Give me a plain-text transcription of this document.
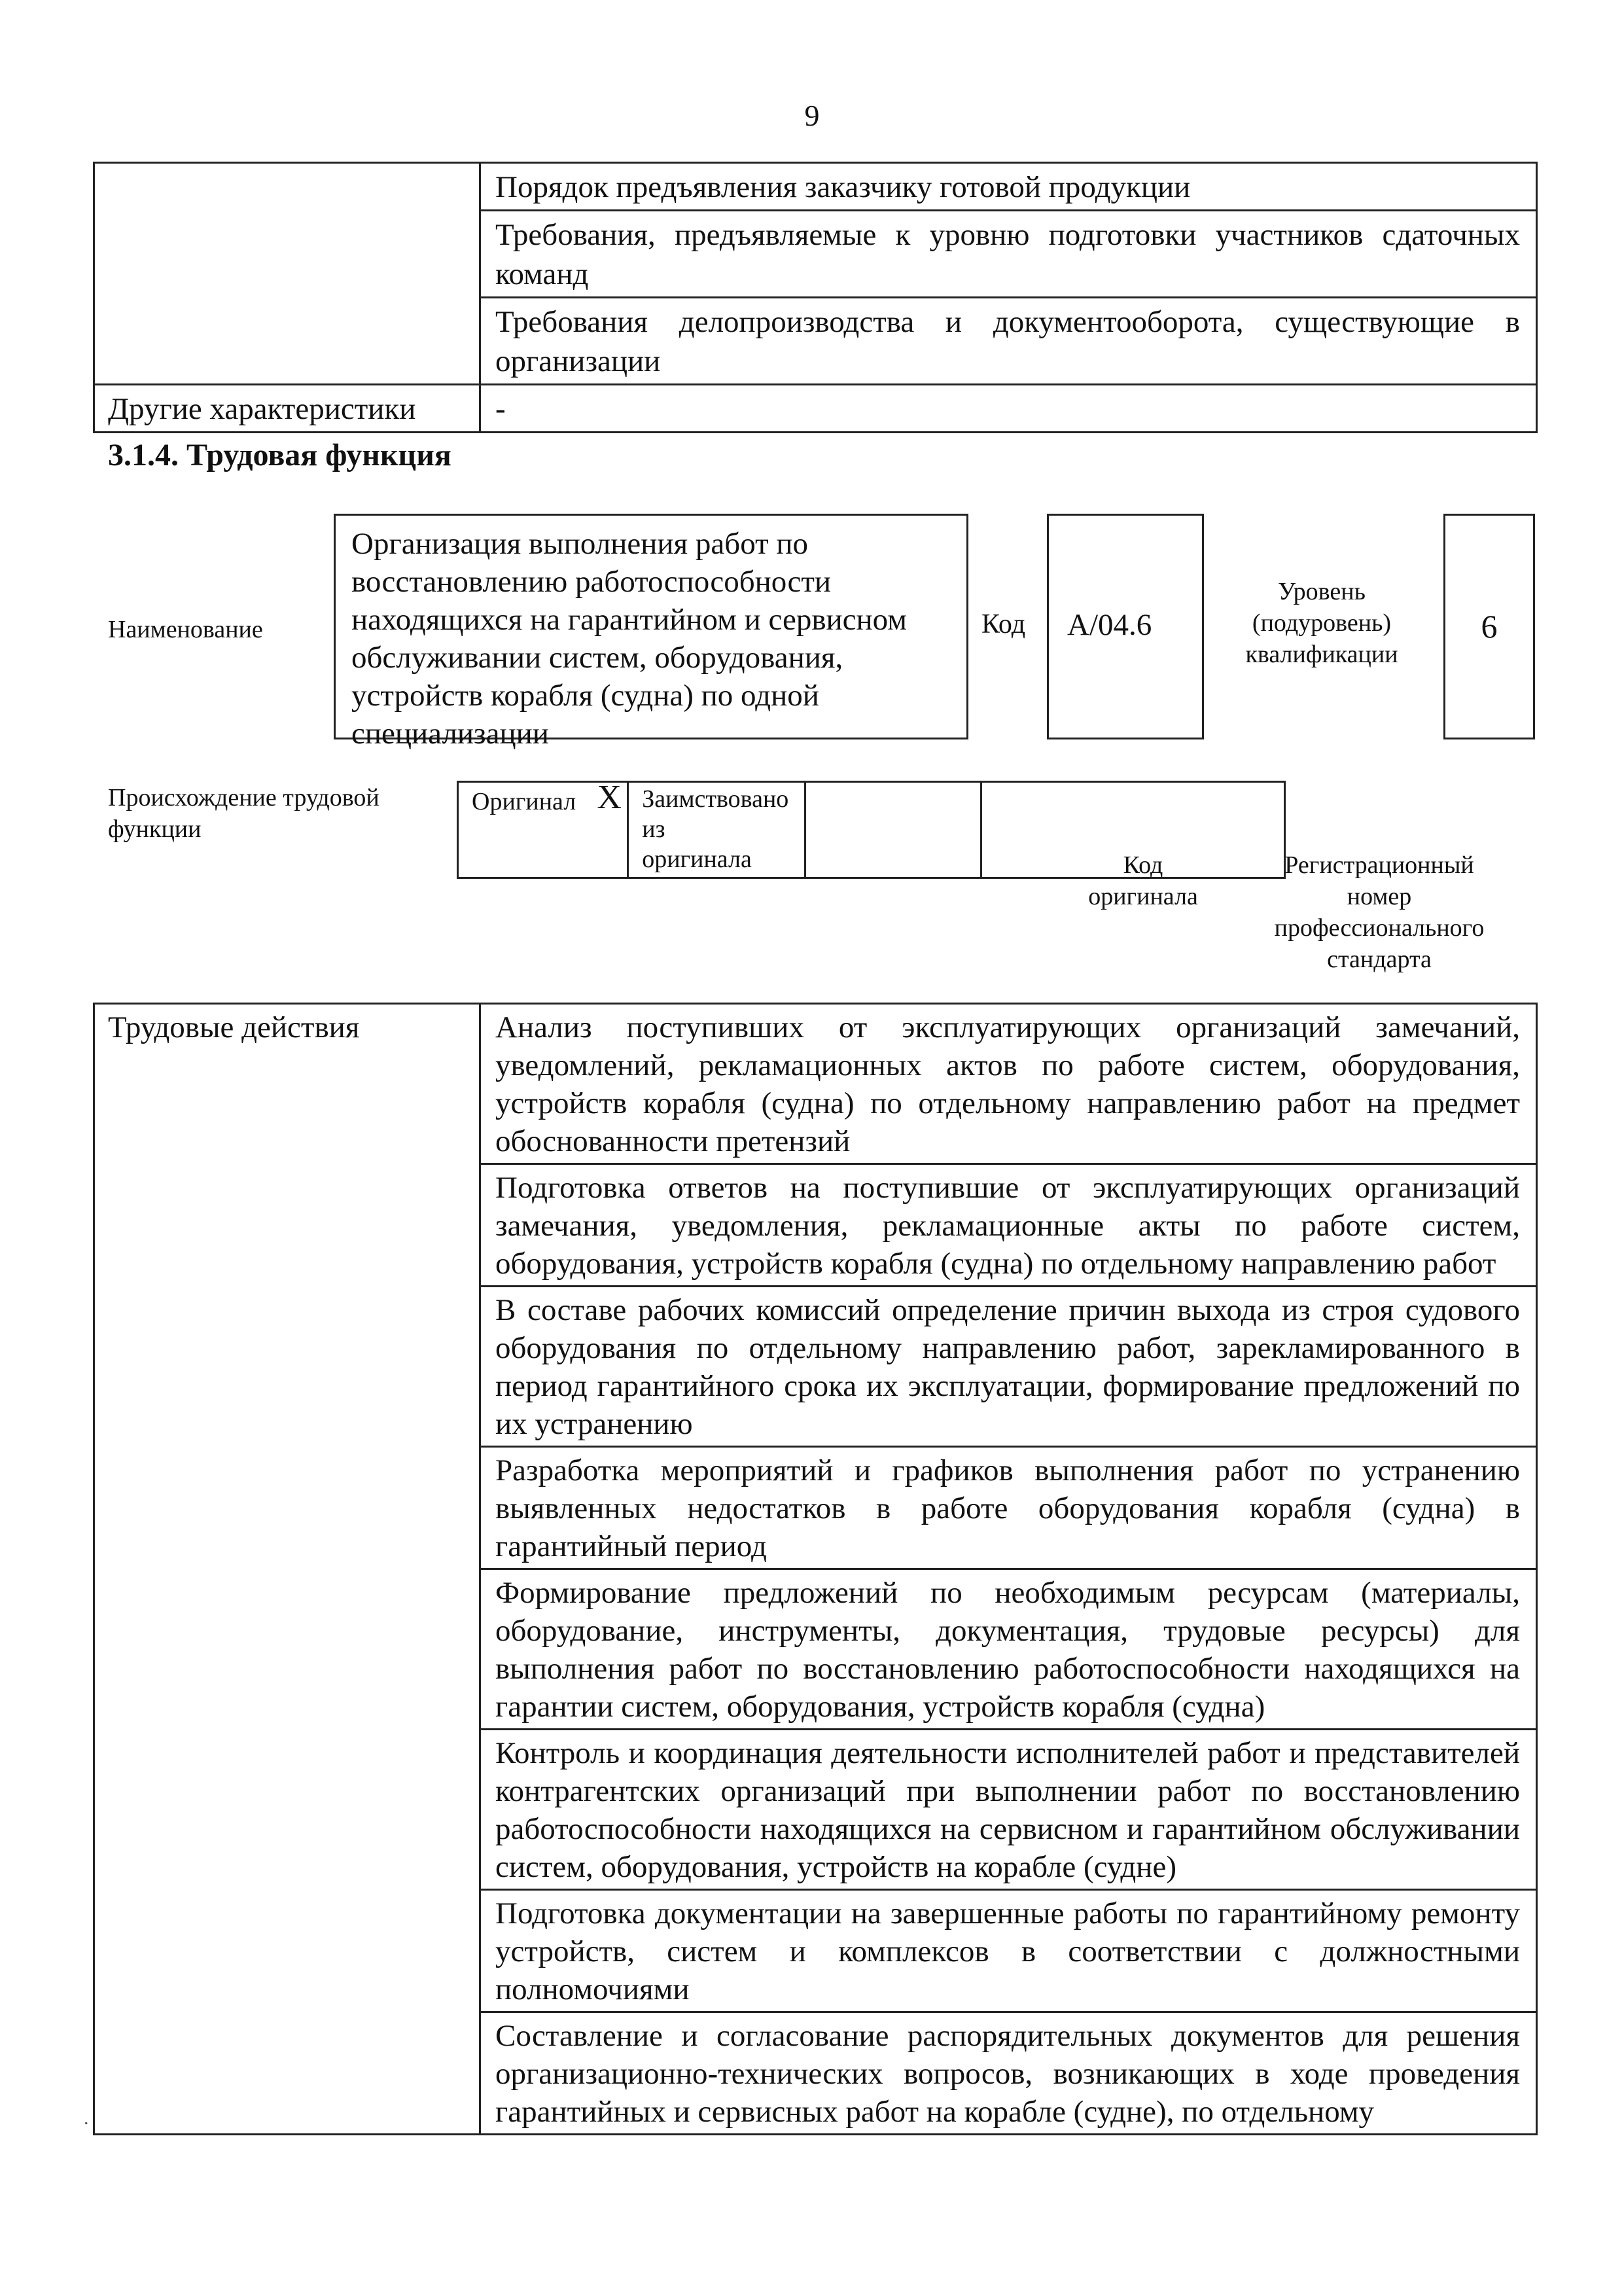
9
	Порядок предъявления заказчику готовой продукции
	Требования, предъявляемые к уровню подготовки участников сдаточных команд
	Требования делопроизводства и документооборота, существующие в организации
Другие характеристики	-
3.1.4. Трудовая функция
Наименование
Организация выполнения работ по
восстановлению работоспособности
находящихся на гарантийном и сервисном
обслуживании систем, оборудования,
устройств корабля (судна) по одной
специализации
Код	A/04.6
Уровень
(подуровень)
квалификации
6
Происхождение трудовой
функции
Оригинал	X	Заимствовано из
оригинала
			Код
оригинала
Регистрационный
номер
профессионального
стандарта
Трудовые действия	Анализ поступивших от эксплуатирующих организаций замечаний, уведомлений, рекламационных актов по работе систем, оборудования, устройств корабля (судна) по отдельному направлению работ на предмет обоснованности претензий
Подготовка ответов на поступившие от эксплуатирующих организаций замечания, уведомления, рекламационные акты по работе систем, оборудования, устройств корабля (судна) по отдельному направлению работ
В составе рабочих комиссий определение причин выхода из строя судового оборудования по отдельному направлению работ, зарекламированного в период гарантийного срока их эксплуатации, формирование предложений по их устранению
Разработка мероприятий и графиков выполнения работ по устранению выявленных недостатков в работе оборудования корабля (судна) в гарантийный период
Формирование предложений по необходимым ресурсам (материалы, оборудование, инструменты, документация, трудовые ресурсы) для выполнения работ по восстановлению работоспособности находящихся на гарантии систем, оборудования, устройств корабля (судна)
Контроль и координация деятельности исполнителей работ и представителей контрагентских организаций при выполнении работ по восстановлению работоспособности находящихся на сервисном и гарантийном обслуживании систем, оборудования, устройств на корабле (судне)
Подготовка документации на завершенные работы по гарантийному ремонту устройств, систем и комплексов в соответствии с должностными полномочиями
Составление и согласование распорядительных документов для решения организационно-технических вопросов, возникающих в ходе проведения гарантийных и сервисных работ на корабле (судне), по отдельному
.
